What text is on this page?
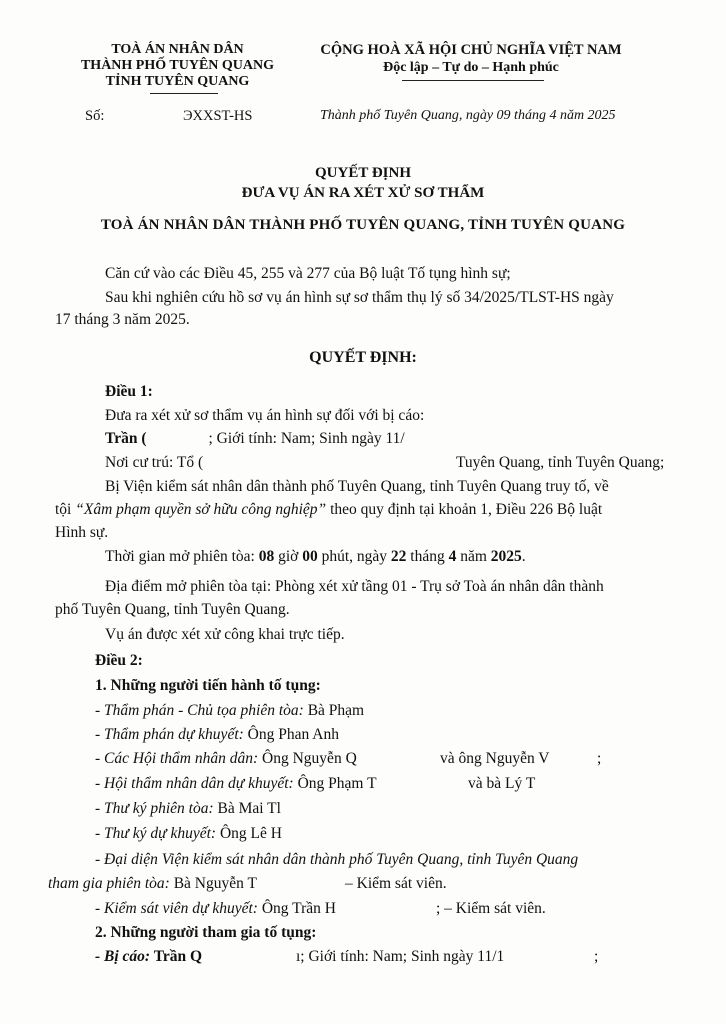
TOÀ ÁN NHÂN DÂN
THÀNH PHỐ TUYÊN QUANG
TỈNH TUYÊN QUANG
CỘNG HOÀ XÃ HỘI CHỦ NGHĨA VIỆT NAM
Độc lập – Tự do – Hạnh phúc
Số:	ЭXXST-HS	Thành phố Tuyên Quang, ngày 09 tháng 4 năm 2025
QUYẾT ĐỊNH
ĐƯA VỤ ÁN RA XÉT XỬ SƠ THẨM
TOÀ ÁN NHÂN DÂN THÀNH PHỐ TUYÊN QUANG, TỈNH TUYÊN QUANG
Căn cứ vào các Điều 45, 255 và 277 của Bộ luật Tố tụng hình sự;
Sau khi nghiên cứu hồ sơ vụ án hình sự sơ thẩm thụ lý số 34/2025/TLST-HS ngày
17 tháng 3 năm 2025.
QUYẾT ĐỊNH:
Điều 1:
Đưa ra xét xử sơ thẩm vụ án hình sự đối với bị cáo:
Trần (	; Giới tính: Nam; Sinh ngày 11/
Nơi cư trú: Tổ (	Tuyên Quang, tỉnh Tuyên Quang;
Bị Viện kiểm sát nhân dân thành phố Tuyên Quang, tỉnh Tuyên Quang truy tố, về
tội “Xâm phạm quyền sở hữu công nghiệp” theo quy định tại khoản 1, Điều 226 Bộ luật
Hình sự.
Thời gian mở phiên tòa: 08 giờ 00 phút, ngày 22 tháng 4 năm 2025.
Địa điểm mở phiên tòa tại: Phòng xét xử tầng 01 - Trụ sở Toà án nhân dân thành
phố Tuyên Quang, tỉnh Tuyên Quang.
Vụ án được xét xử công khai trực tiếp.
Điều 2:
1. Những người tiến hành tố tụng:
- Thẩm phán - Chủ tọa phiên tòa: Bà Phạm
- Thẩm phán dự khuyết: Ông Phan Anh
- Các Hội thẩm nhân dân: Ông Nguyễn Q	và ông Nguyễn V	;
- Hội thẩm nhân dân dự khuyết: Ông Phạm T	và bà Lý T
- Thư ký phiên tòa: Bà Mai Tl
- Thư ký dự khuyết: Ông Lê H
- Đại diện Viện kiểm sát nhân dân thành phố Tuyên Quang, tỉnh Tuyên Quang
tham gia phiên tòa: Bà Nguyễn T	– Kiểm sát viên.
- Kiểm sát viên dự khuyết: Ông Trần H	; – Kiểm sát viên.
2. Những người tham gia tố tụng:
- Bị cáo: Trần Q	ı; Giới tính: Nam; Sinh ngày 11/1	;
